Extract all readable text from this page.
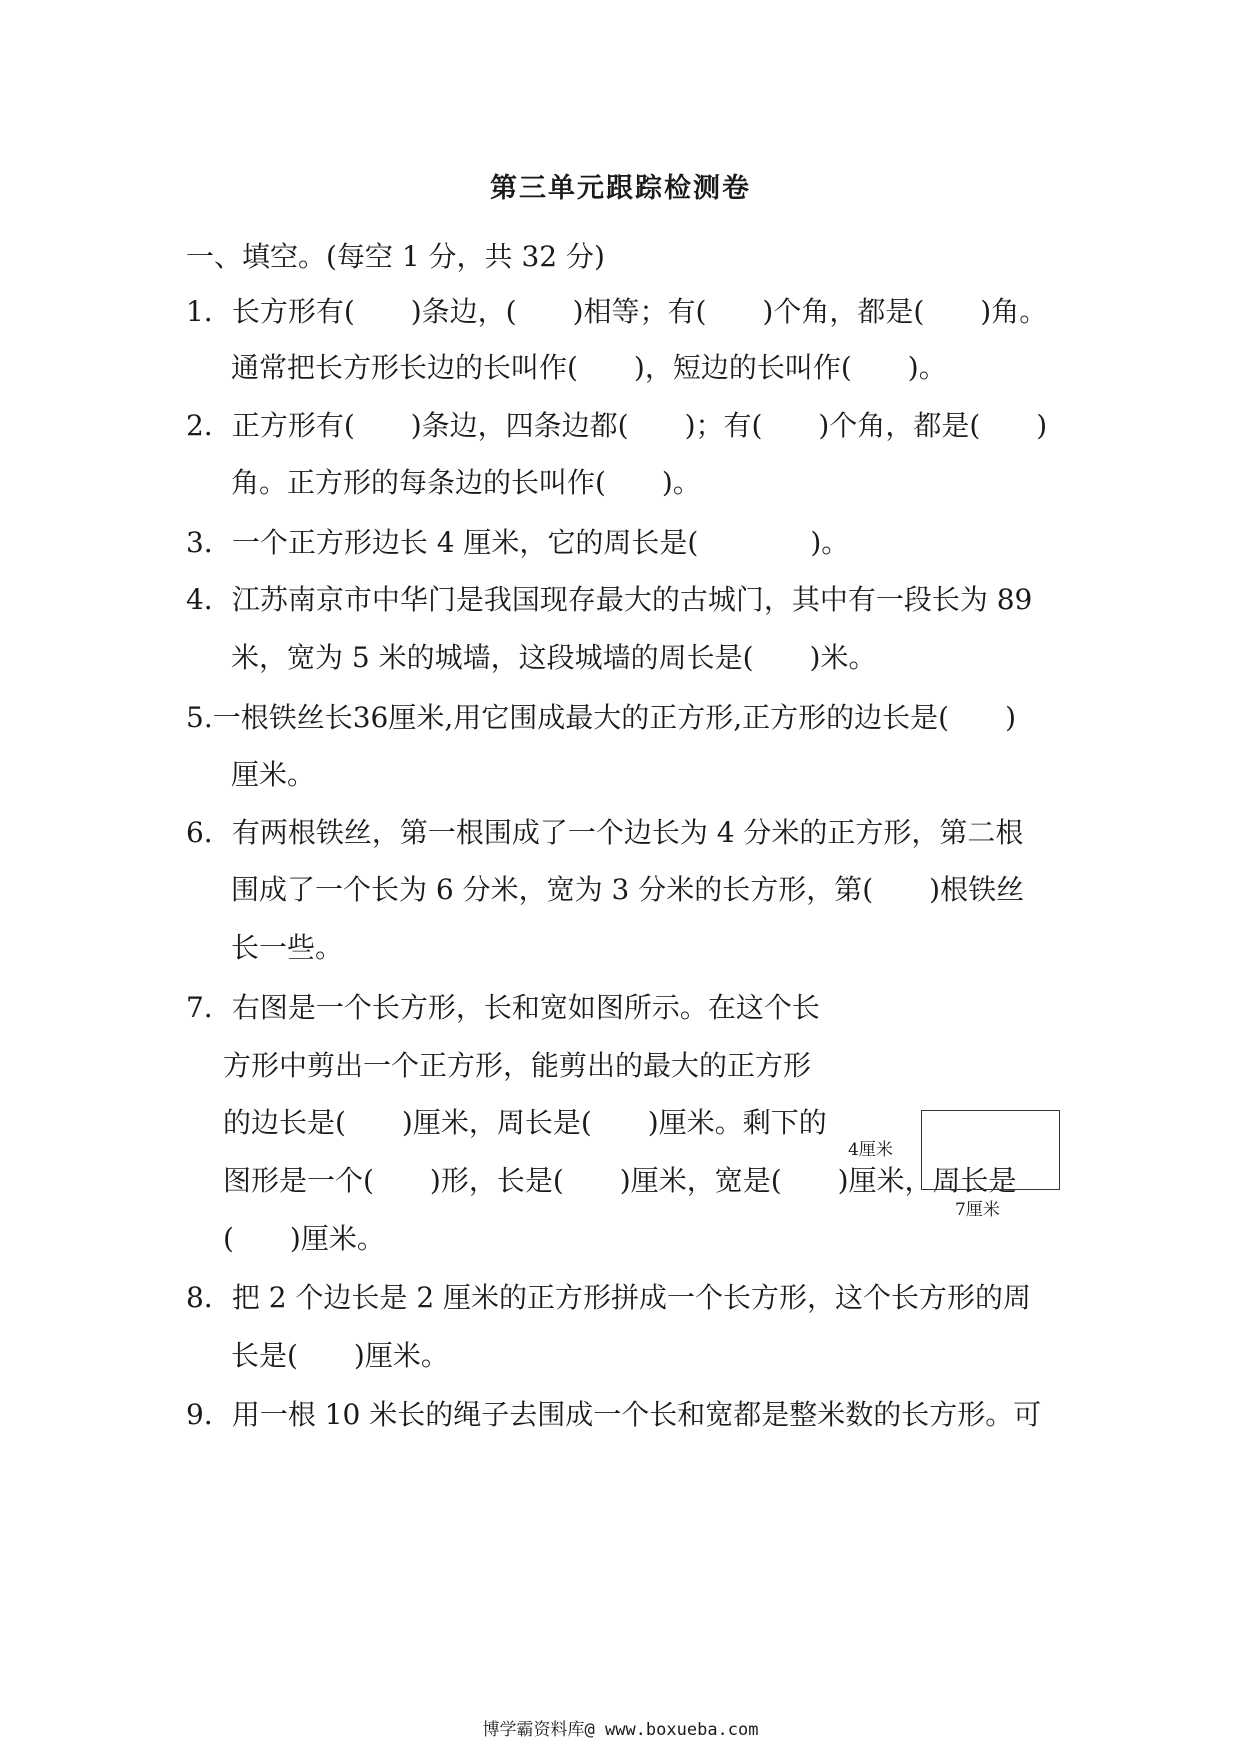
第三单元跟踪检测卷
一、填空。(每空 1 分，共 32 分)
1．长方形有(　　)条边，(　　)相等；有(　　)个角，都是(　　)角。
通常把长方形长边的长叫作(　　)，短边的长叫作(　　)。
2．正方形有(　　)条边，四条边都(　　)；有(　　)个角，都是(　　)
角。正方形的每条边的长叫作(　　)。
3．一个正方形边长 4 厘米，它的周长是(　　　　)。
4．江苏南京市中华门是我国现存最大的古城门，其中有一段长为 89
米，宽为 5 米的城墙，这段城墙的周长是(　　)米。
5.一根铁丝长36厘米,用它围成最大的正方形,正方形的边长是(　　)
厘米。
6．有两根铁丝，第一根围成了一个边长为 4 分米的正方形，第二根
围成了一个长为 6 分米，宽为 3 分米的长方形，第(　　)根铁丝
长一些。
7．右图是一个长方形，长和宽如图所示。在这个长
方形中剪出一个正方形，能剪出的最大的正方形
的边长是(　　)厘米，周长是(　　)厘米。剩下的
图形是一个(　　)形，长是(　　)厘米，宽是(　　)厘米，周长是
(　　)厘米。
4厘米
7厘米
8．把 2 个边长是 2 厘米的正方形拼成一个长方形，这个长方形的周
长是(　　)厘米。
9．用一根 10 米长的绳子去围成一个长和宽都是整米数的长方形。可
博学霸资料库@ www.boxueba.com
